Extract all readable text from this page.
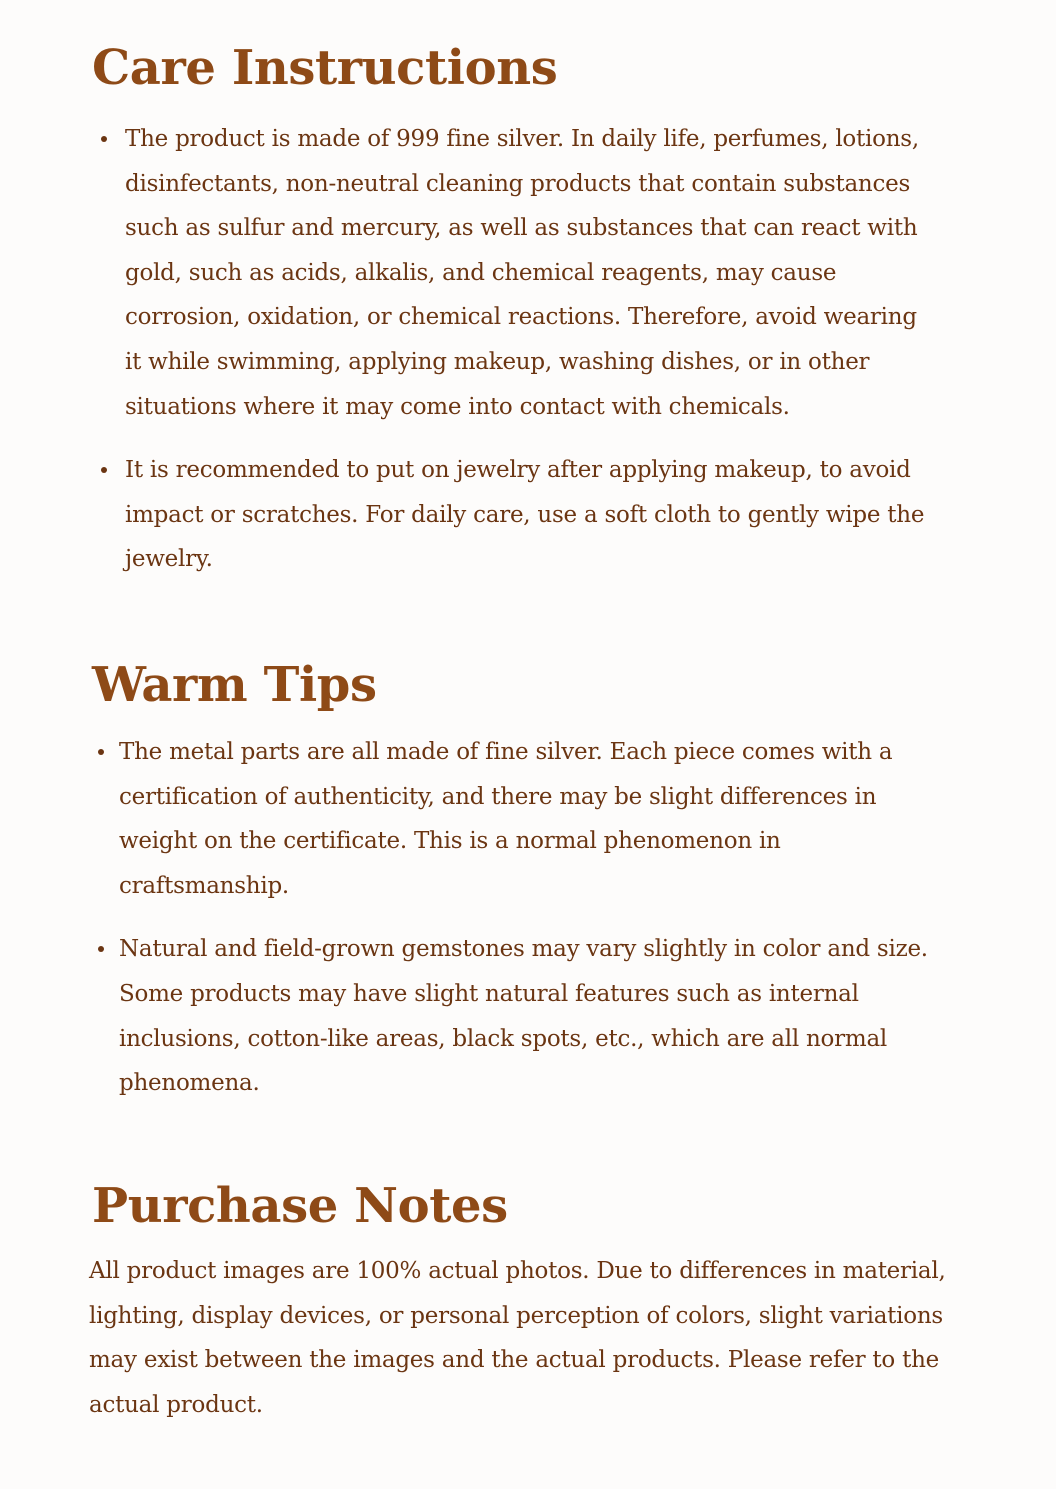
Care Instructions
The product is made of 999 fine silver. In daily life, perfumes, lotions, disinfectants, non-neutral cleaning products that contain substances such as sulfur and mercury, as well as substances that can react with gold, such as acids, alkalis, and chemical reagents, may cause corrosion, oxidation, or chemical reactions. Therefore, avoid wearing it while swimming, applying makeup, washing dishes, or in other situations where it may come into contact with chemicals.
It is recommended to put on jewelry after applying makeup, to avoid impact or scratches. For daily care, use a soft cloth to gently wipe the jewelry.
Warm Tips
The metal parts are all made of fine silver. Each piece comes with a certification of authenticity, and there may be slight differences in weight on the certificate. This is a normal phenomenon in craftsmanship.
Natural and field-grown gemstones may vary slightly in color and size. Some products may have slight natural features such as internal inclusions, cotton-like areas, black spots, etc., which are all normal phenomena.
Purchase Notes

All product images are 100% actual photos. Due to differences in material, lighting, display devices, or personal perception of colors, slight variations may exist between the images and the actual products. Please refer to the actual product.
